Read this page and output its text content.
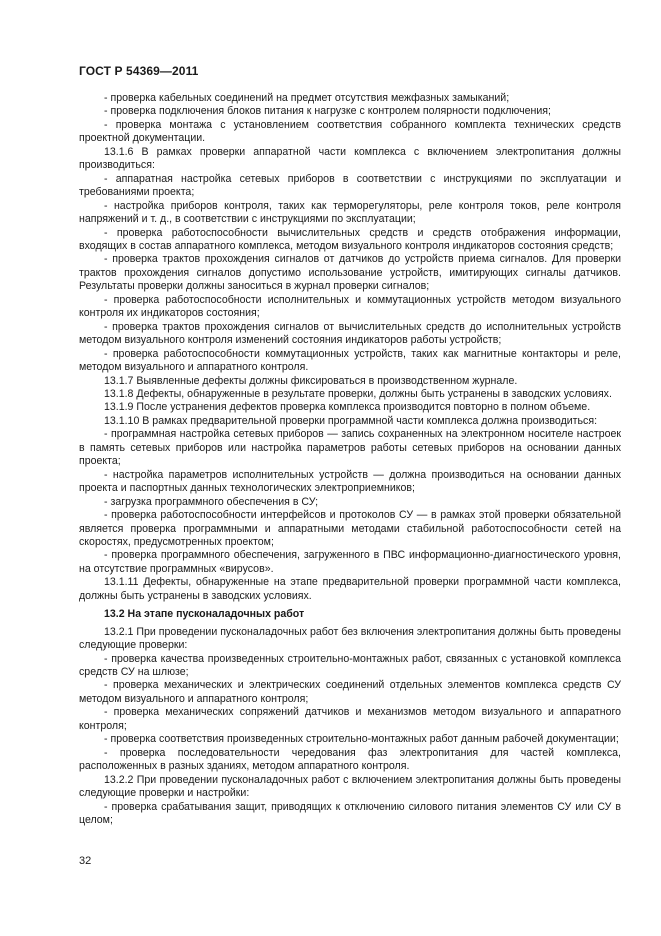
ГОСТ Р 54369—2011

- проверка кабельных соединений на предмет отсутствия межфазных замыканий;

- проверка подключения блоков питания к нагрузке с контролем полярности подключения;

- проверка монтажа с установлением соответствия собранного комплекта технических средств проектной документации.

13.1.6 В рамках проверки аппаратной части комплекса с включением электропитания должны производиться:

- аппаратная настройка сетевых приборов в соответствии с инструкциями по эксплуатации и требованиями проекта;

- настройка приборов контроля, таких как терморегуляторы, реле контроля токов, реле контроля напряжений и т. д., в соответствии с инструкциями по эксплуатации;

- проверка работоспособности вычислительных средств и средств отображения информации, входящих в состав аппаратного комплекса, методом визуального контроля индикаторов состояния средств;

- проверка трактов прохождения сигналов от датчиков до устройств приема сигналов. Для проверки трактов прохождения сигналов допустимо использование устройств, имитирующих сигналы датчиков. Результаты проверки должны заноситься в журнал проверки сигналов;

- проверка работоспособности исполнительных и коммутационных устройств методом визуального контроля их индикаторов состояния;

- проверка трактов прохождения сигналов от вычислительных средств до исполнительных устройств методом визуального контроля изменений состояния индикаторов работы устройств;

- проверка работоспособности коммутационных устройств, таких как магнитные контакторы и реле, методом визуального и аппаратного контроля.

13.1.7 Выявленные дефекты должны фиксироваться в производственном журнале.

13.1.8 Дефекты, обнаруженные в результате проверки, должны быть устранены в заводских условиях.

13.1.9 После устранения дефектов проверка комплекса производится повторно в полном объеме.

13.1.10 В рамках предварительной проверки программной части комплекса должна производиться:

- программная настройка сетевых приборов — запись сохраненных на электронном носителе настроек в память сетевых приборов или настройка параметров работы сетевых приборов на основании данных проекта;

- настройка параметров исполнительных устройств — должна производиться на основании данных проекта и паспортных данных технологических электроприемников;

- загрузка программного обеспечения в СУ;

- проверка работоспособности интерфейсов и протоколов СУ — в рамках этой проверки обязательной является проверка программными и аппаратными методами стабильной работоспособности сетей на скоростях, предусмотренных проектом;

- проверка программного обеспечения, загруженного в ПВС информационно-диагностического уровня, на отсутствие программных «вирусов».

13.1.11 Дефекты, обнаруженные на этапе предварительной проверки программной части комплекса, должны быть устранены в заводских условиях.

13.2 На этапе пусконаладочных работ

13.2.1 При проведении пусконаладочных работ без включения электропитания должны быть проведены следующие проверки:

- проверка качества произведенных строительно-монтажных работ, связанных с установкой комплекса средств СУ на шлюзе;

- проверка механических и электрических соединений отдельных элементов комплекса средств СУ методом визуального и аппаратного контроля;

- проверка механических сопряжений датчиков и механизмов методом визуального и аппаратного контроля;

- проверка соответствия произведенных строительно-монтажных работ данным рабочей документации;

- проверка последовательности чередования фаз электропитания для частей комплекса, расположенных в разных зданиях, методом аппаратного контроля.

13.2.2 При проведении пусконаладочных работ с включением электропитания должны быть проведены следующие проверки и настройки:

- проверка срабатывания защит, приводящих к отключению силового питания элементов СУ или СУ в целом;

32
